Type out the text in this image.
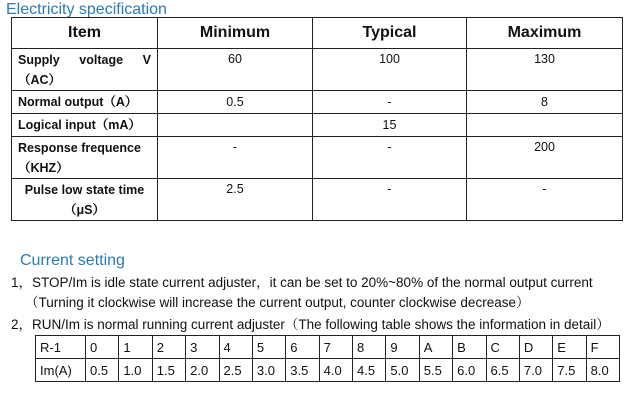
Electricity specification
Item	Minimum	Typical	Maximum

Supply voltage V
（AC）	60	100	130
Normal output（A）	0.5	-	8
Logical input（mA）		15	

Response frequence
（KHZ）	-	-	200

Pulse low state time
（μS）	2.5	-	-
Current setting
1，STOP/Im is idle state current adjuster，it can be set to 20%~80% of the normal output current
（Turning it clockwise will increase the current output, counter clockwise decrease）
2，RUN/Im is normal running current adjuster（The following table shows the information in detail）
R-1	0	1	2	3	4	5	6	7	8	9	A	B	C	D	E	F
Im(A)	0.5	1.0	1.5	2.0	2.5	3.0	3.5	4.0	4.5	5.0	5.5	6.0	6.5	7.0	7.5	8.0
